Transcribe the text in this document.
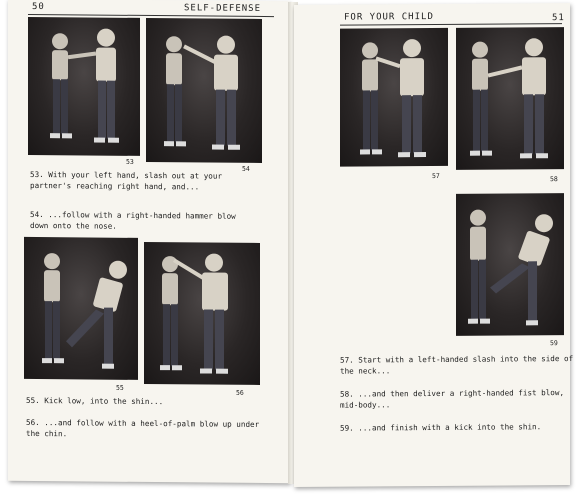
50	SELF-DEFENSE
53
54
53. With your left hand, slash out at your
partner's reaching right hand, and...
54. ...follow with a right-handed hammer blow
down onto the nose.
55
56
55. Kick low, into the shin...
56. ...and follow with a heel-of-palm blow up under
the chin.
FOR YOUR CHILD	51
57	58
59
57. Start with a left-handed slash into the side of
the neck...
58. ...and then deliver a right-handed fist blow,
mid-body...
59. ...and finish with a kick into the shin.
